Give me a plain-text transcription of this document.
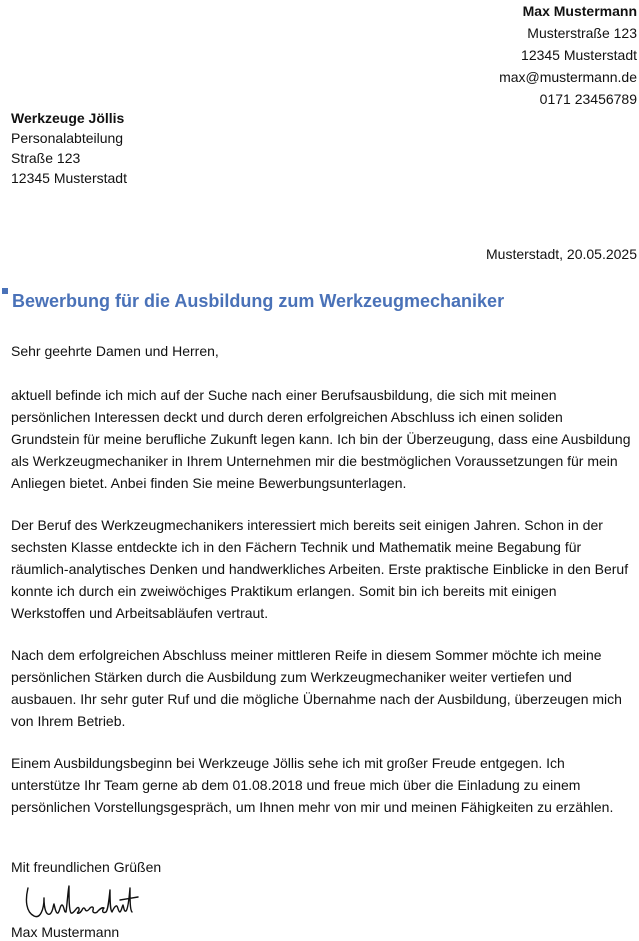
Max Mustermann
Musterstraße 123
12345 Musterstadt
max@mustermann.de
0171 23456789
Werkzeuge Jöllis
Personalabteilung
Straße 123
12345 Musterstadt
Musterstadt, 20.05.2025
Bewerbung für die Ausbildung zum Werkzeugmechaniker

Sehr geehrte Damen und Herren,

aktuell befinde ich mich auf der Suche nach einer Berufsausbildung, die sich mit meinen persönlichen Interessen deckt und durch deren erfolgreichen Abschluss ich einen soliden Grundstein für meine berufliche Zukunft legen kann. Ich bin der Überzeugung, dass eine Ausbildung als Werkzeugmechaniker in Ihrem Unternehmen mir die bestmöglichen Voraussetzungen für mein Anliegen bietet. Anbei finden Sie meine Bewerbungsunterlagen.

Der Beruf des Werkzeugmechanikers interessiert mich bereits seit einigen Jahren. Schon in der sechsten Klasse entdeckte ich in den Fächern Technik und Mathematik meine Begabung für räumlich-analytisches Denken und handwerkliches Arbeiten. Erste praktische Einblicke in den Beruf konnte ich durch ein zweiwöchiges Praktikum erlangen. Somit bin ich bereits mit einigen Werkstoffen und Arbeitsabläufen vertraut.

Nach dem erfolgreichen Abschluss meiner mittleren Reife in diesem Sommer möchte ich meine persönlichen Stärken durch die Ausbildung zum Werkzeugmechaniker weiter vertiefen und ausbauen. Ihr sehr guter Ruf und die mögliche Übernahme nach der Ausbildung, überzeugen mich von Ihrem Betrieb.

Einem Ausbildungsbeginn bei Werkzeuge Jöllis sehe ich mit großer Freude entgegen. Ich unterstütze Ihr Team gerne ab dem 01.08.2018 und freue mich über die Einladung zu einem persönlichen Vorstellungsgespräch, um Ihnen mehr von mir und meinen Fähigkeiten zu erzählen.

Mit freundlichen Grüßen
Max Mustermann
